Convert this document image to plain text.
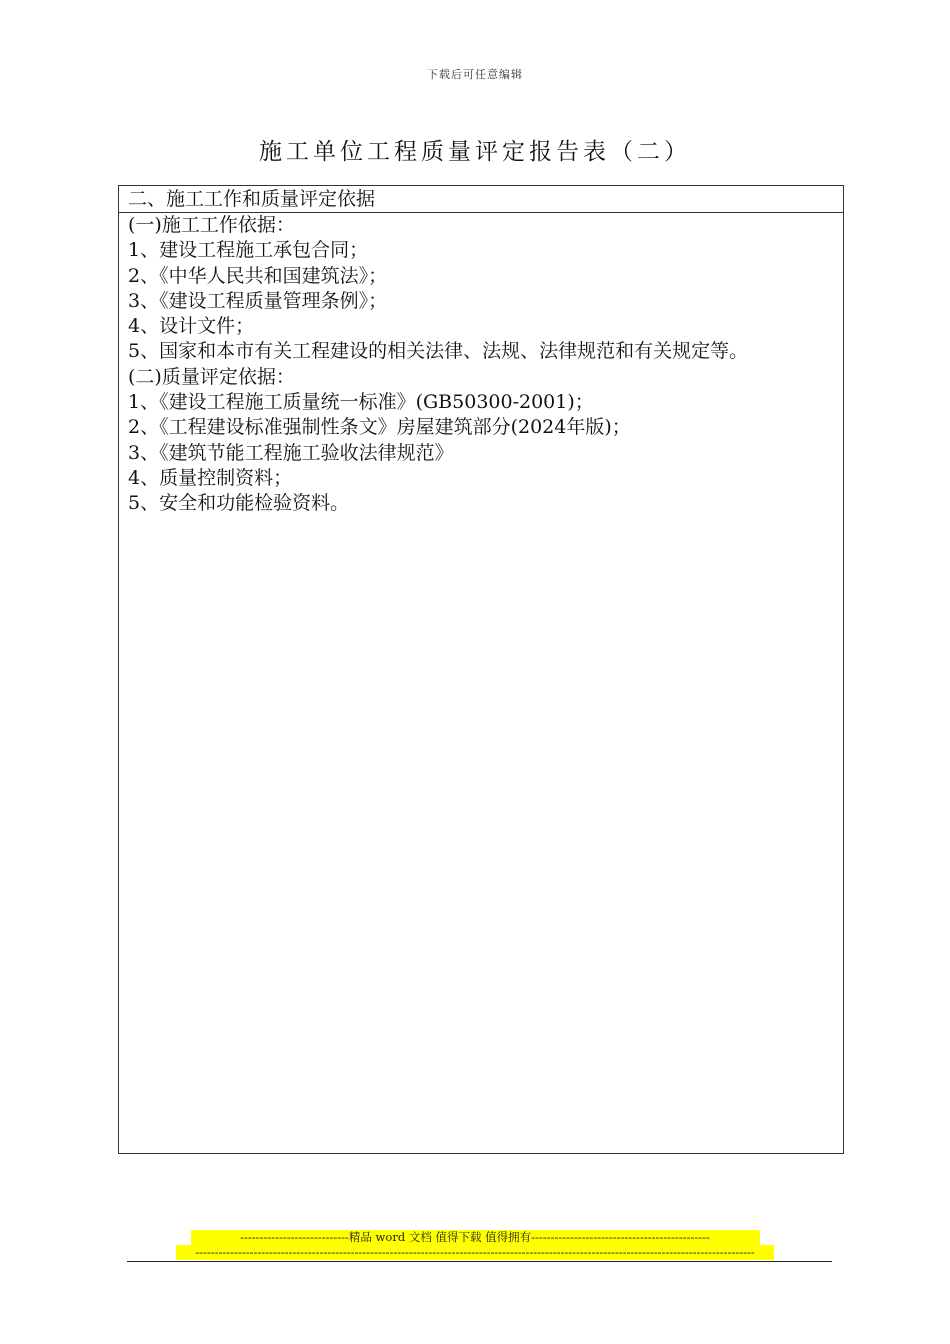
下载后可任意编辑
施工单位工程质量评定报告表（二）
二、施工工作和质量评定依据
(一)施工工作依据：
1、建设工程施工承包合同；
2、《中华人民共和国建筑法》；
3、《建设工程质量管理条例》；
4、设计文件；
5、国家和本市有关工程建设的相关法律、法规、法律规范和有关规定等。
(二)质量评定依据：
1、《建设工程施工质量统一标准》(GB50300-2001)；
2、《工程建设标准强制性条文》房屋建筑部分(2024年版)；
3、《建筑节能工程施工验收法律规范》
4、质量控制资料；
5、安全和功能检验资料。
----------------------------精品 word 文档 值得下载 值得拥有----------------------------------------------
------------------------------------------------------------------------------------------------------------------------------------------------
